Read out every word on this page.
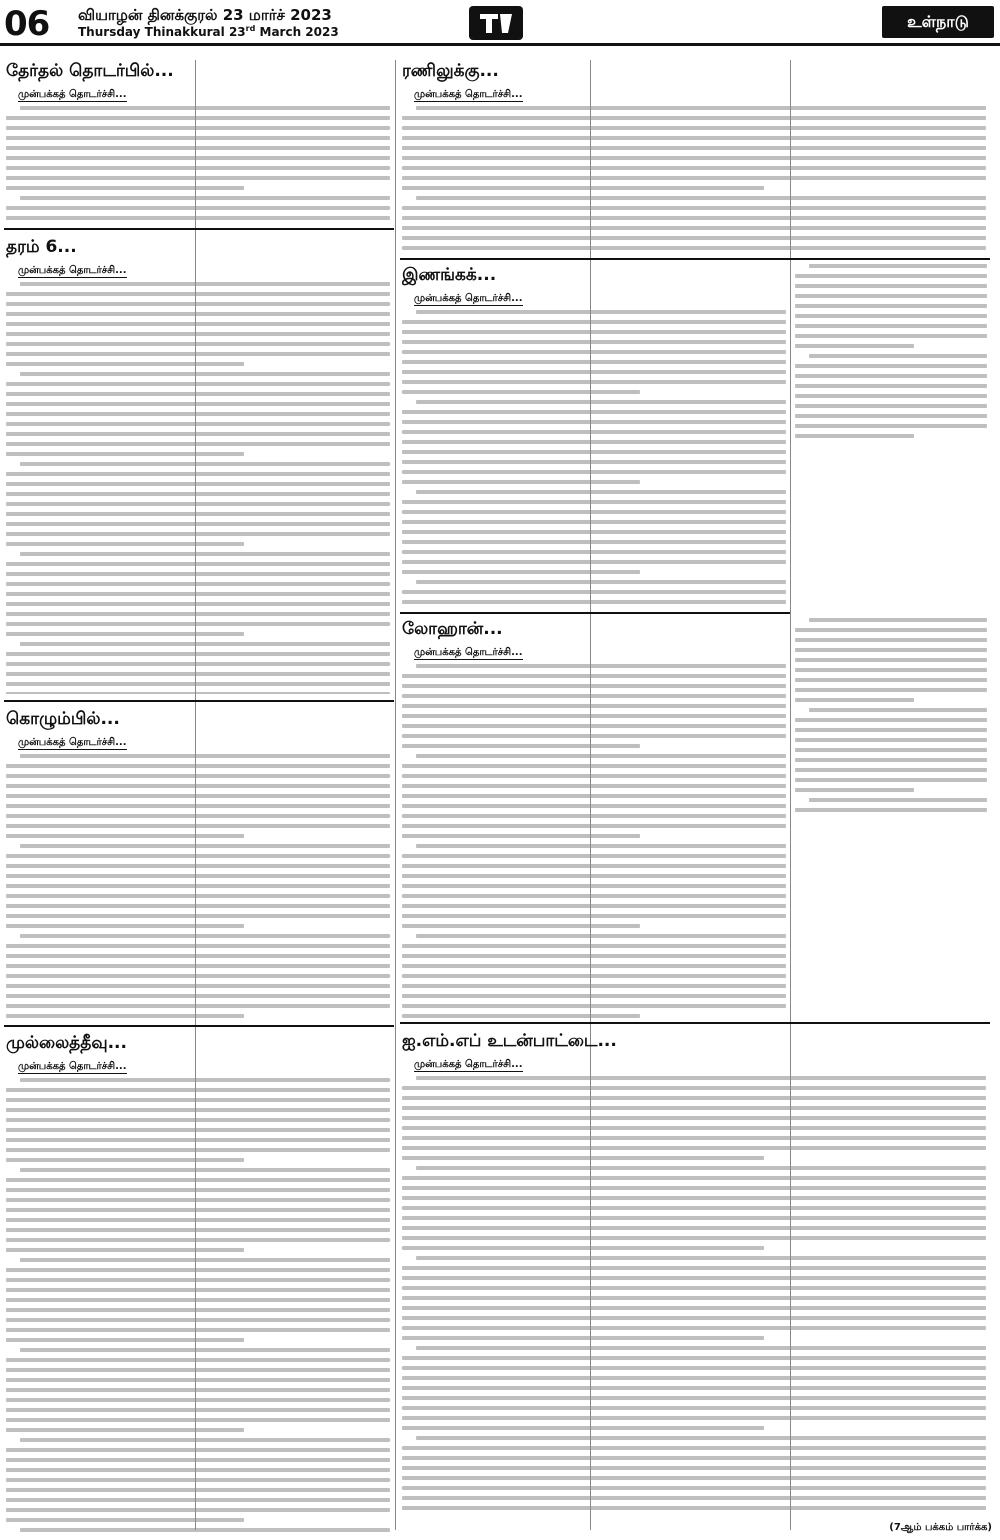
06 வியாழன் தினக்குரல் 23 மார்ச் 2023
Thursday Thinakkural 23rd March 2023
உள்நாடு
தேர்தல் தொடர்பில்...
முன்பக்கத் தொடர்ச்சி...
தரம் 6...
முன்பக்கத் தொடர்ச்சி...
கொழும்பில்...
முன்பக்கத் தொடர்ச்சி...
முல்லைத்தீவு...
முன்பக்கத் தொடர்ச்சி...
ரணிலுக்கு...
முன்பக்கத் தொடர்ச்சி...
இணங்கக்...
முன்பக்கத் தொடர்ச்சி...
லோஹான்...
முன்பக்கத் தொடர்ச்சி...
ஐ.எம்.எப் உடன்பாட்டை...
முன்பக்கத் தொடர்ச்சி...
(7ஆம் பக்கம் பார்க்க)
